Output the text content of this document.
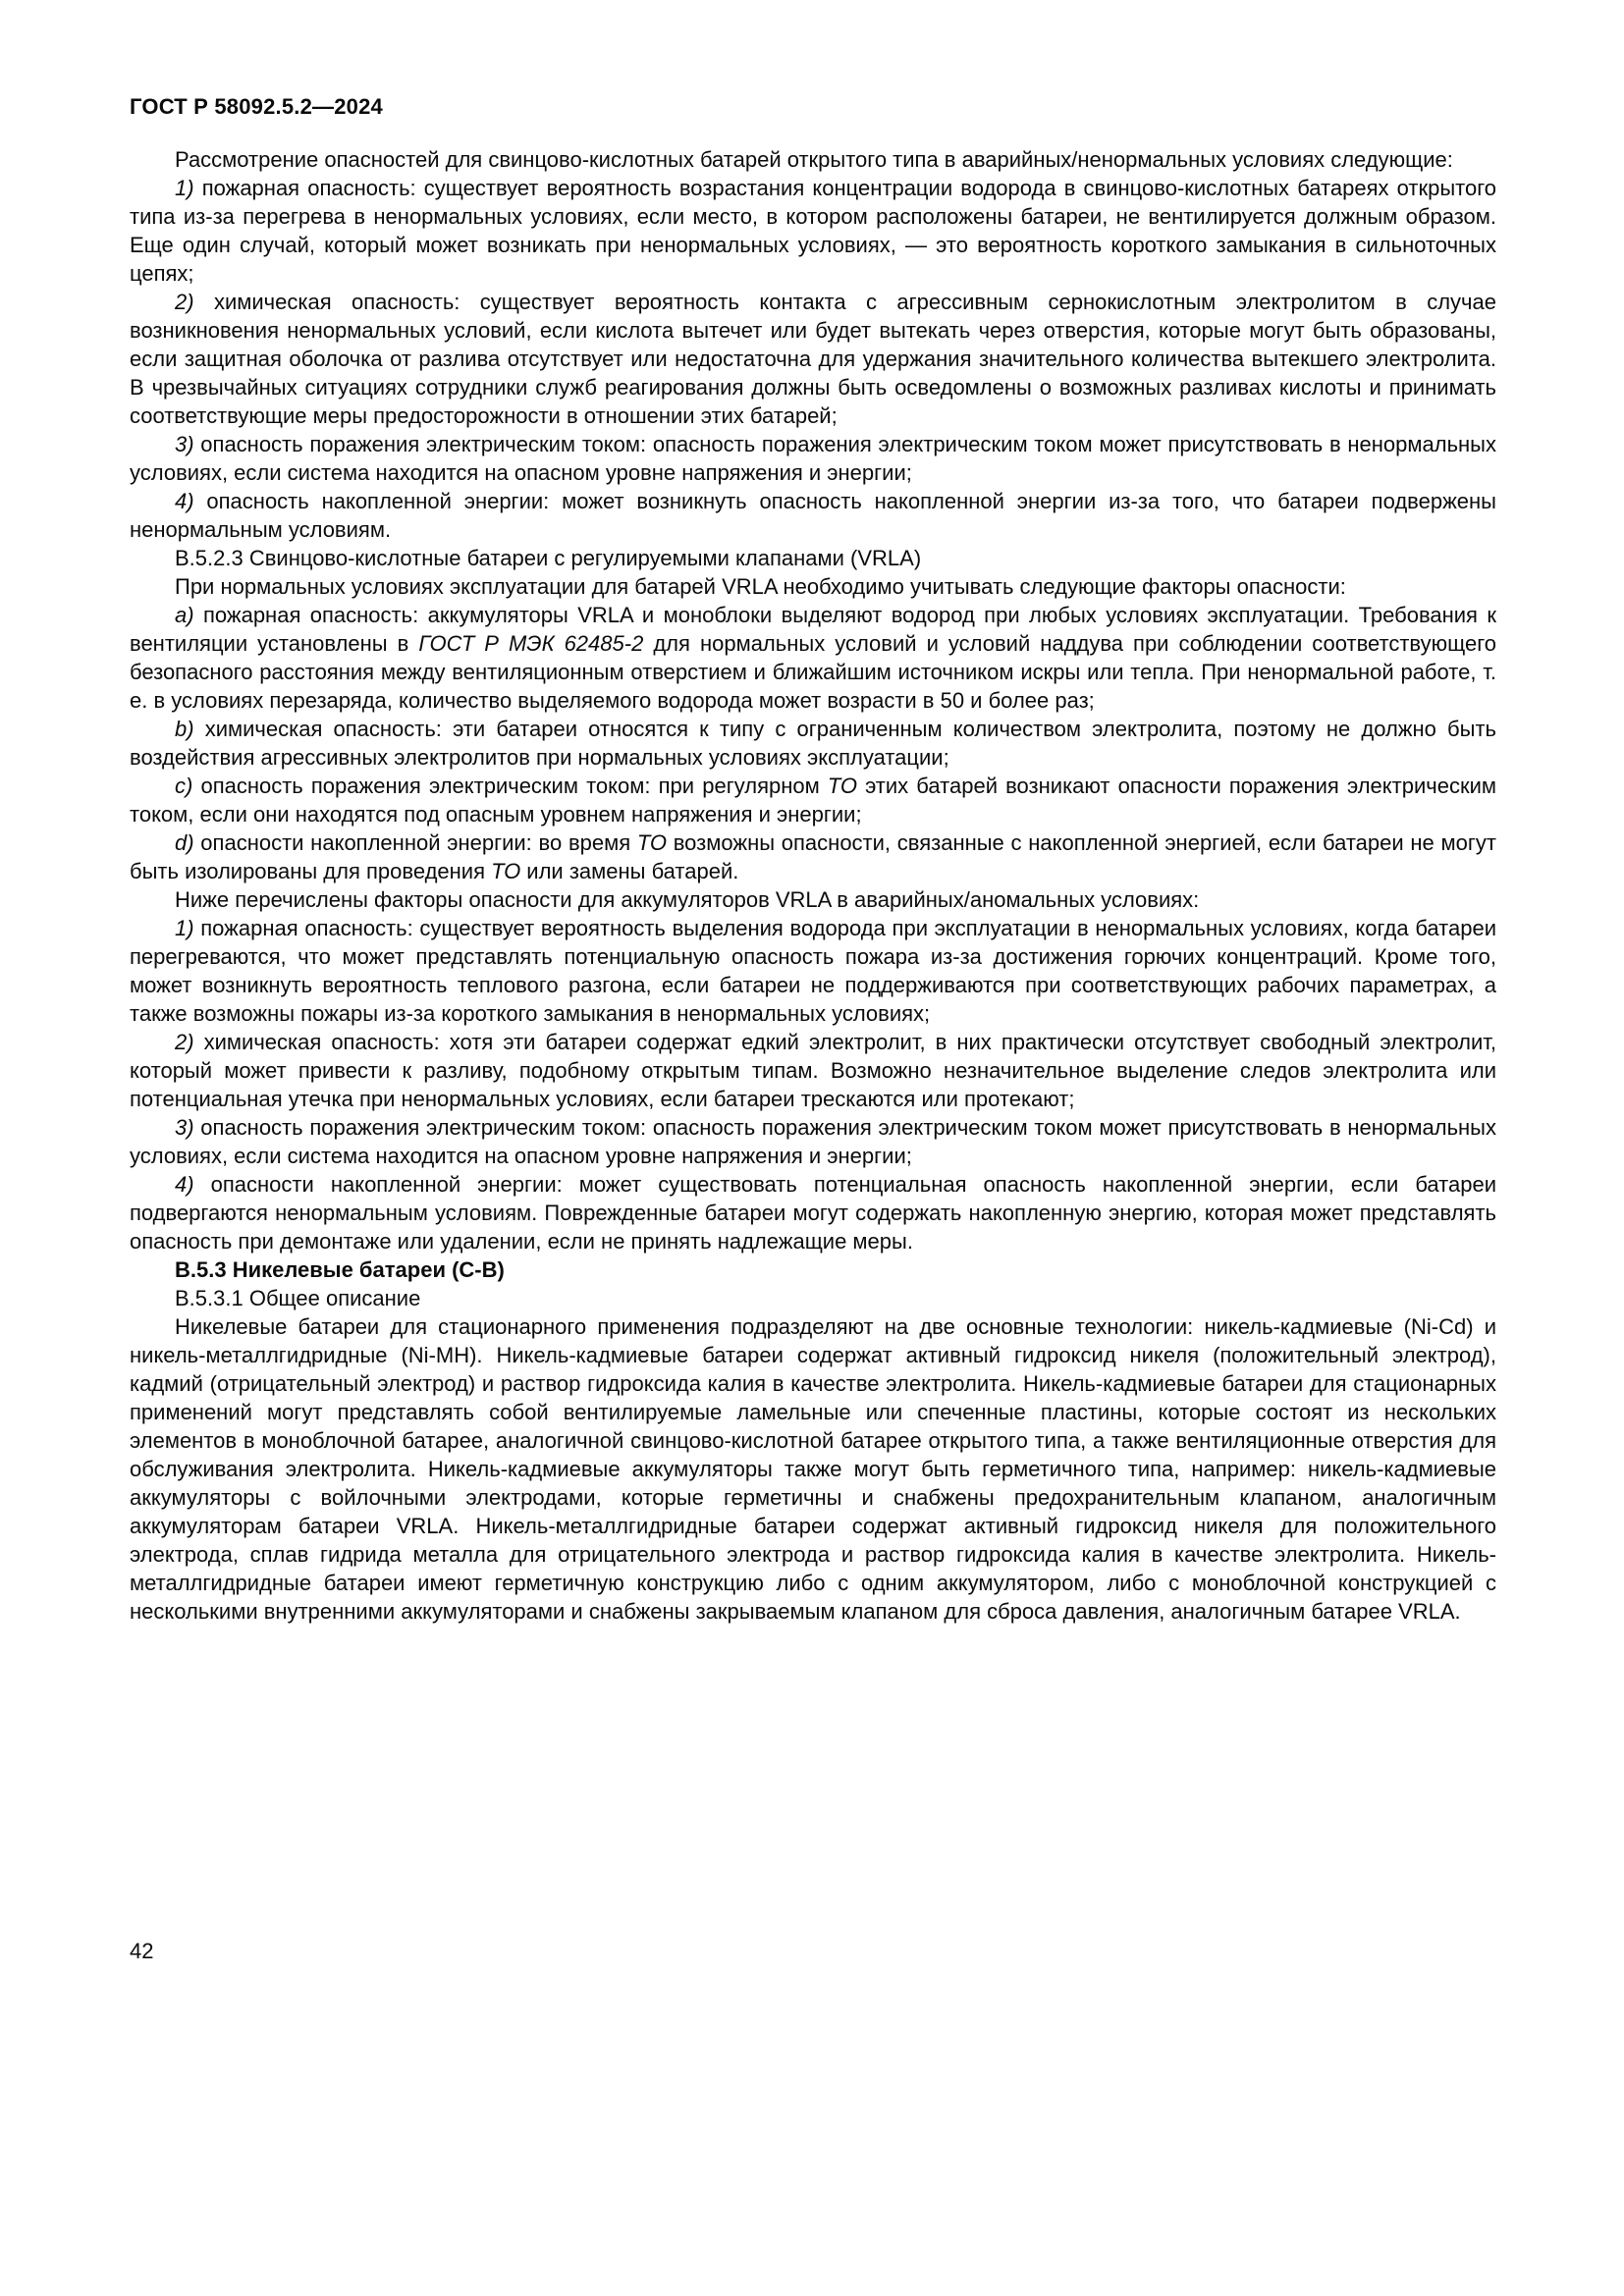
ГОСТ Р 58092.5.2—2024

Рассмотрение опасностей для свинцово-кислотных батарей открытого типа в аварийных/ненормальных условиях следующие:

1) пожарная опасность: существует вероятность возрастания концентрации водорода в свинцово-кислотных батареях открытого типа из-за перегрева в ненормальных условиях, если место, в котором расположены батареи, не вентилируется должным образом. Еще один случай, который может возникать при ненормальных условиях, — это вероятность короткого замыкания в сильноточных цепях;

2) химическая опасность: существует вероятность контакта с агрессивным сернокислотным электролитом в случае возникновения ненормальных условий, если кислота вытечет или будет вытекать через отверстия, которые могут быть образованы, если защитная оболочка от разлива отсутствует или недостаточна для удержания значительного количества вытекшего электролита. В чрезвычайных ситуациях сотрудники служб реагирования должны быть осведомлены о возможных разливах кислоты и принимать соответствующие меры предосторожности в отношении этих батарей;

3) опасность поражения электрическим током: опасность поражения электрическим током может присутствовать в ненормальных условиях, если система находится на опасном уровне напряжения и энергии;

4) опасность накопленной энергии: может возникнуть опасность накопленной энергии из-за того, что батареи подвержены ненормальным условиям.

В.5.2.3 Свинцово-кислотные батареи с регулируемыми клапанами (VRLA)

При нормальных условиях эксплуатации для батарей VRLA необходимо учитывать следующие факторы опасности:

a) пожарная опасность: аккумуляторы VRLA и моноблоки выделяют водород при любых условиях эксплуатации. Требования к вентиляции установлены в ГОСТ Р МЭК 62485-2 для нормальных условий и условий наддува при соблюдении соответствующего безопасного расстояния между вентиляционным отверстием и ближайшим источником искры или тепла. При ненормальной работе, т. е. в условиях перезаряда, количество выделяемого водорода может возрасти в 50 и более раз;

b) химическая опасность: эти батареи относятся к типу с ограниченным количеством электролита, поэтому не должно быть воздействия агрессивных электролитов при нормальных условиях эксплуатации;

c) опасность поражения электрическим током: при регулярном ТО этих батарей возникают опасности поражения электрическим током, если они находятся под опасным уровнем напряжения и энергии;

d) опасности накопленной энергии: во время ТО возможны опасности, связанные с накопленной энергией, если батареи не могут быть изолированы для проведения ТО или замены батарей.

Ниже перечислены факторы опасности для аккумуляторов VRLA в аварийных/аномальных условиях:

1) пожарная опасность: существует вероятность выделения водорода при эксплуатации в ненормальных условиях, когда батареи перегреваются, что может представлять потенциальную опасность пожара из-за достижения горючих концентраций. Кроме того, может возникнуть вероятность теплового разгона, если батареи не поддерживаются при соответствующих рабочих параметрах, а также возможны пожары из-за короткого замыкания в ненормальных условиях;

2) химическая опасность: хотя эти батареи содержат едкий электролит, в них практически отсутствует свободный электролит, который может привести к разливу, подобному открытым типам. Возможно незначительное выделение следов электролита или потенциальная утечка при ненормальных условиях, если батареи трескаются или протекают;

3) опасность поражения электрическим током: опасность поражения электрическим током может присутствовать в ненормальных условиях, если система находится на опасном уровне напряжения и энергии;

4) опасности накопленной энергии: может существовать потенциальная опасность накопленной энергии, если батареи подвергаются ненормальным условиям. Поврежденные батареи могут содержать накопленную энергию, которая может представлять опасность при демонтаже или удалении, если не принять надлежащие меры.

В.5.3 Никелевые батареи (С-В)

В.5.3.1 Общее описание

Никелевые батареи для стационарного применения подразделяют на две основные технологии: никель-кадмиевые (Ni-Cd) и никель-металлгидридные (Ni-MH). Никель-кадмиевые батареи содержат активный гидроксид никеля (положительный электрод), кадмий (отрицательный электрод) и раствор гидроксида калия в качестве электролита. Никель-кадмиевые батареи для стационарных применений могут представлять собой вентилируемые ламельные или спеченные пластины, которые состоят из нескольких элементов в моноблочной батарее, аналогичной свинцово-кислотной батарее открытого типа, а также вентиляционные отверстия для обслуживания электролита. Никель-кадмиевые аккумуляторы также могут быть герметичного типа, например: никель-кадмиевые аккумуляторы с войлочными электродами, которые герметичны и снабжены предохранительным клапаном, аналогичным аккумуляторам батареи VRLA. Никель-металлгидридные батареи содержат активный гидроксид никеля для положительного электрода, сплав гидрида металла для отрицательного электрода и раствор гидроксида калия в качестве электролита. Никель-металлгидридные батареи имеют герметичную конструкцию либо с одним аккумулятором, либо с моноблочной конструкцией с несколькими внутренними аккумуляторами и снабжены закрываемым клапаном для сброса давления, аналогичным батарее VRLA.

42
